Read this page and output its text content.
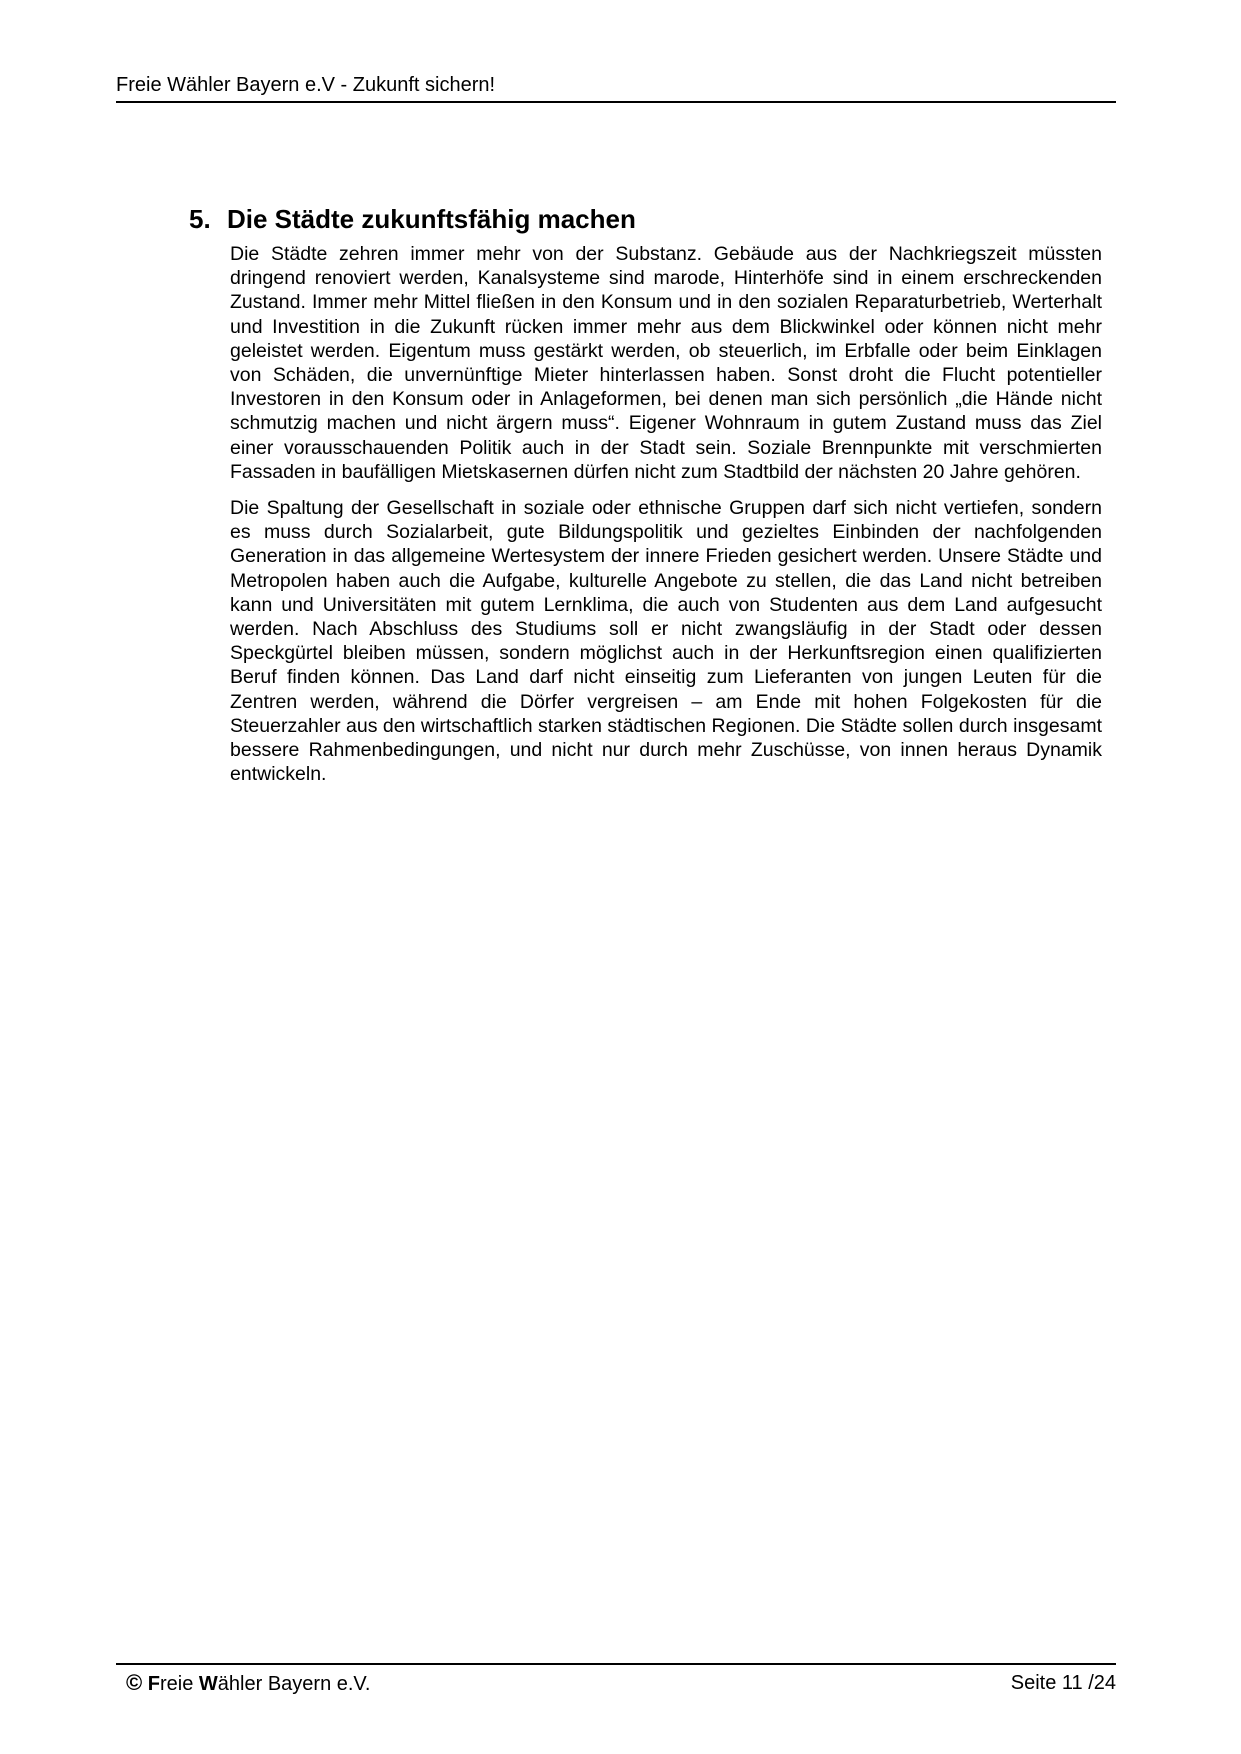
Freie Wähler Bayern e.V - Zukunft sichern!
5. Die Städte zukunftsfähig machen

Die Städte zehren immer mehr von der Substanz. Gebäude aus der Nachkriegszeit müssten dringend renoviert werden, Kanalsysteme sind marode, Hinterhöfe sind in einem erschreckenden Zustand. Immer mehr Mittel fließen in den Konsum und in den sozialen Reparaturbetrieb, Werterhalt und Investition in die Zukunft rücken immer mehr aus dem Blickwinkel oder können nicht mehr geleistet werden. Eigentum muss gestärkt werden, ob steuerlich, im Erbfalle oder beim Einklagen von Schäden, die unvernünftige Mieter hinterlassen haben. Sonst droht die Flucht potentieller Investoren in den Konsum oder in Anlageformen, bei denen man sich persönlich „die Hände nicht schmutzig machen und nicht ärgern muss“. Eigener Wohnraum in gutem Zustand muss das Ziel einer vorausschauenden Politik auch in der Stadt sein. Soziale Brennpunkte mit verschmierten Fassaden in baufälligen Mietskasernen dürfen nicht zum Stadtbild der nächsten 20 Jahre gehören.

Die Spaltung der Gesellschaft in soziale oder ethnische Gruppen darf sich nicht vertiefen, sondern es muss durch Sozialarbeit, gute Bildungspolitik und gezieltes Einbinden der nachfolgenden Generation in das allgemeine Wertesystem der innere Frieden gesichert werden. Unsere Städte und Metropolen haben auch die Aufgabe, kulturelle Angebote zu stellen, die das Land nicht betreiben kann und Universitäten mit gutem Lernklima, die auch von Studenten aus dem Land aufgesucht werden. Nach Abschluss des Studiums soll er nicht zwangsläufig in der Stadt oder dessen Speckgürtel bleiben müssen, sondern möglichst auch in der Herkunftsregion einen qualifizierten Beruf finden können. Das Land darf nicht einseitig zum Lieferanten von jungen Leuten für die Zentren werden, während die Dörfer vergreisen – am Ende mit hohen Folgekosten für die Steuerzahler aus den wirtschaftlich starken städtischen Regionen. Die Städte sollen durch insgesamt bessere Rahmenbedingungen, und nicht nur durch mehr Zuschüsse, von innen heraus Dynamik entwickeln.

© Freie Wähler Bayern e.V.	Seite 11 /24
